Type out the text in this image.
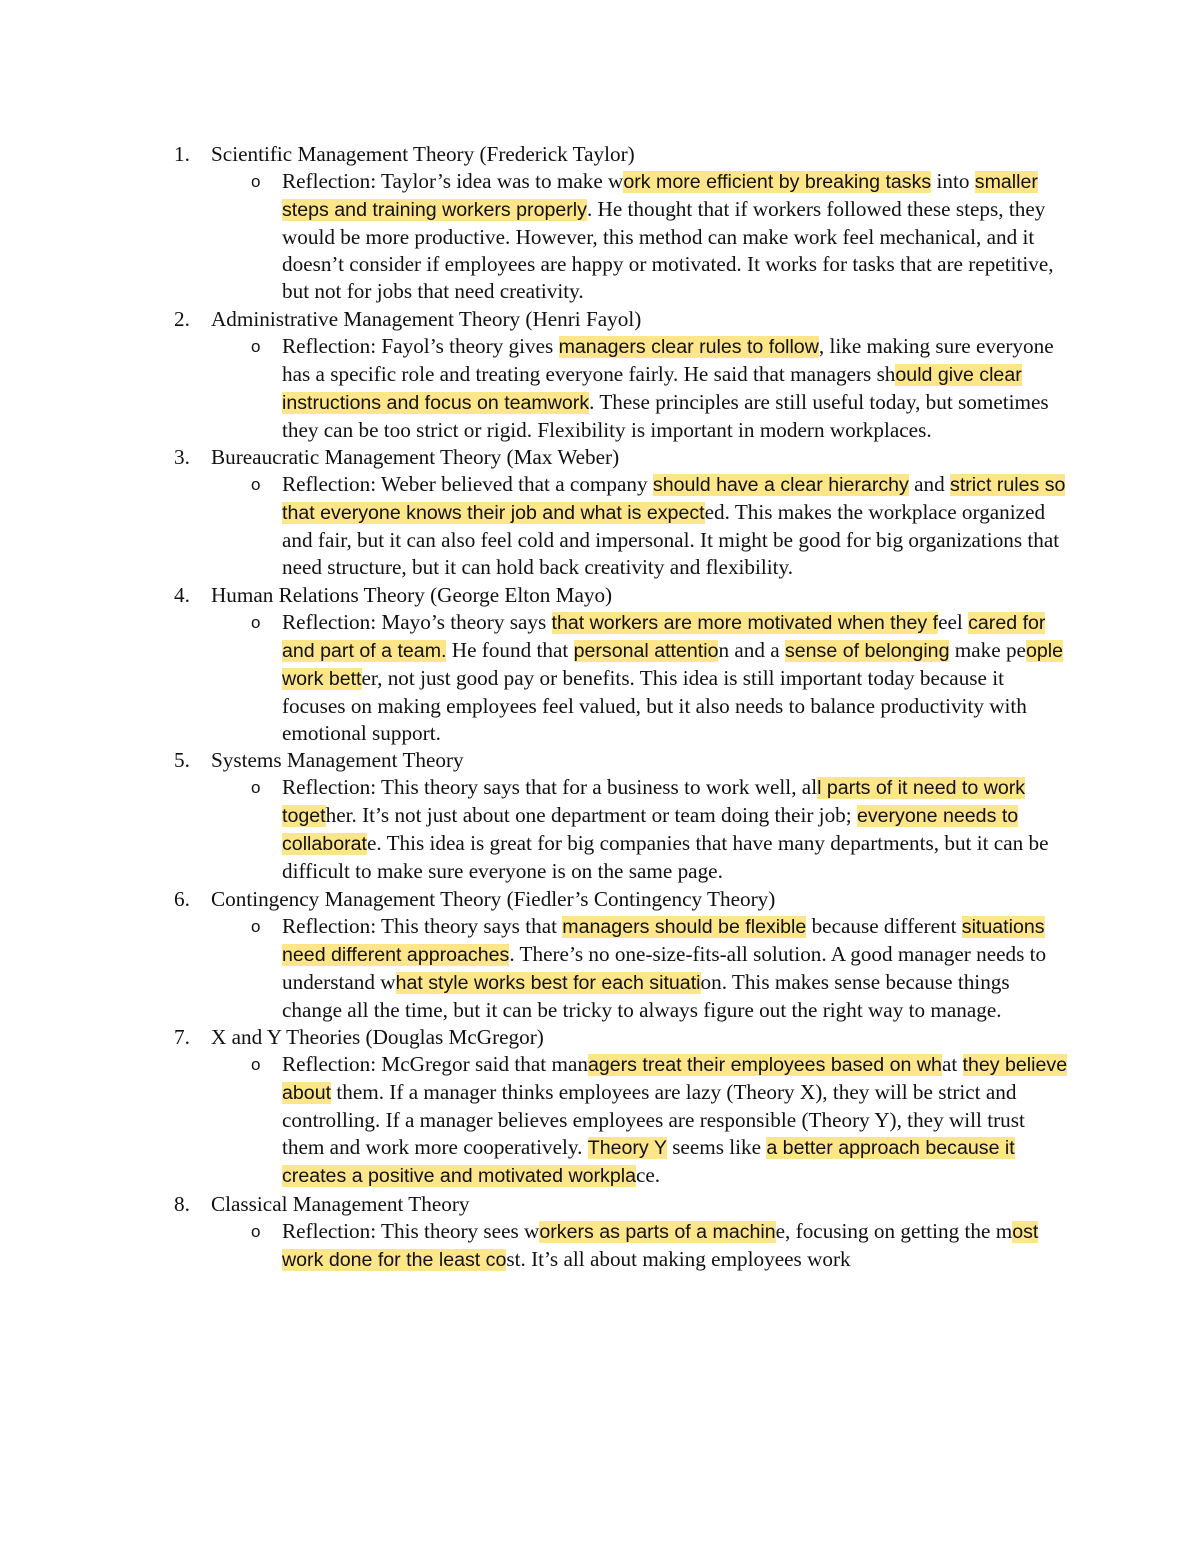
1. Scientific Management Theory (Frederick Taylor)
o Reflection: Taylor’s idea was to make work more efficient by breaking tasks into smaller steps and training workers properly. He thought that if workers followed these steps, they would be more productive. However, this method can make work feel mechanical, and it doesn’t consider if employees are happy or motivated. It works for tasks that are repetitive, but not for jobs that need creativity.
2. Administrative Management Theory (Henri Fayol)
o Reflection: Fayol’s theory gives managers clear rules to follow, like making sure everyone has a specific role and treating everyone fairly. He said that managers should give clear instructions and focus on teamwork. These principles are still useful today, but sometimes they can be too strict or rigid. Flexibility is important in modern workplaces.
3. Bureaucratic Management Theory (Max Weber)
o Reflection: Weber believed that a company should have a clear hierarchy and strict rules so that everyone knows their job and what is expected. This makes the workplace organized and fair, but it can also feel cold and impersonal. It might be good for big organizations that need structure, but it can hold back creativity and flexibility.
4. Human Relations Theory (George Elton Mayo)
o Reflection: Mayo’s theory says that workers are more motivated when they feel cared for and part of a team. He found that personal attention and a sense of belonging make people work better, not just good pay or benefits. This idea is still important today because it focuses on making employees feel valued, but it also needs to balance productivity with emotional support.
5. Systems Management Theory
o Reflection: This theory says that for a business to work well, all parts of it need to work together. It’s not just about one department or team doing their job; everyone needs to collaborate. This idea is great for big companies that have many departments, but it can be difficult to make sure everyone is on the same page.
6. Contingency Management Theory (Fiedler’s Contingency Theory)
o Reflection: This theory says that managers should be flexible because different situations need different approaches. There’s no one-size-fits-all solution. A good manager needs to understand what style works best for each situation. This makes sense because things change all the time, but it can be tricky to always figure out the right way to manage.
7. X and Y Theories (Douglas McGregor)
o Reflection: McGregor said that managers treat their employees based on what they believe about them. If a manager thinks employees are lazy (Theory X), they will be strict and controlling. If a manager believes employees are responsible (Theory Y), they will trust them and work more cooperatively. Theory Y seems like a better approach because it creates a positive and motivated workplace.
8. Classical Management Theory
o Reflection: This theory sees workers as parts of a machine, focusing on getting the most work done for the least cost. It’s all about making employees work
